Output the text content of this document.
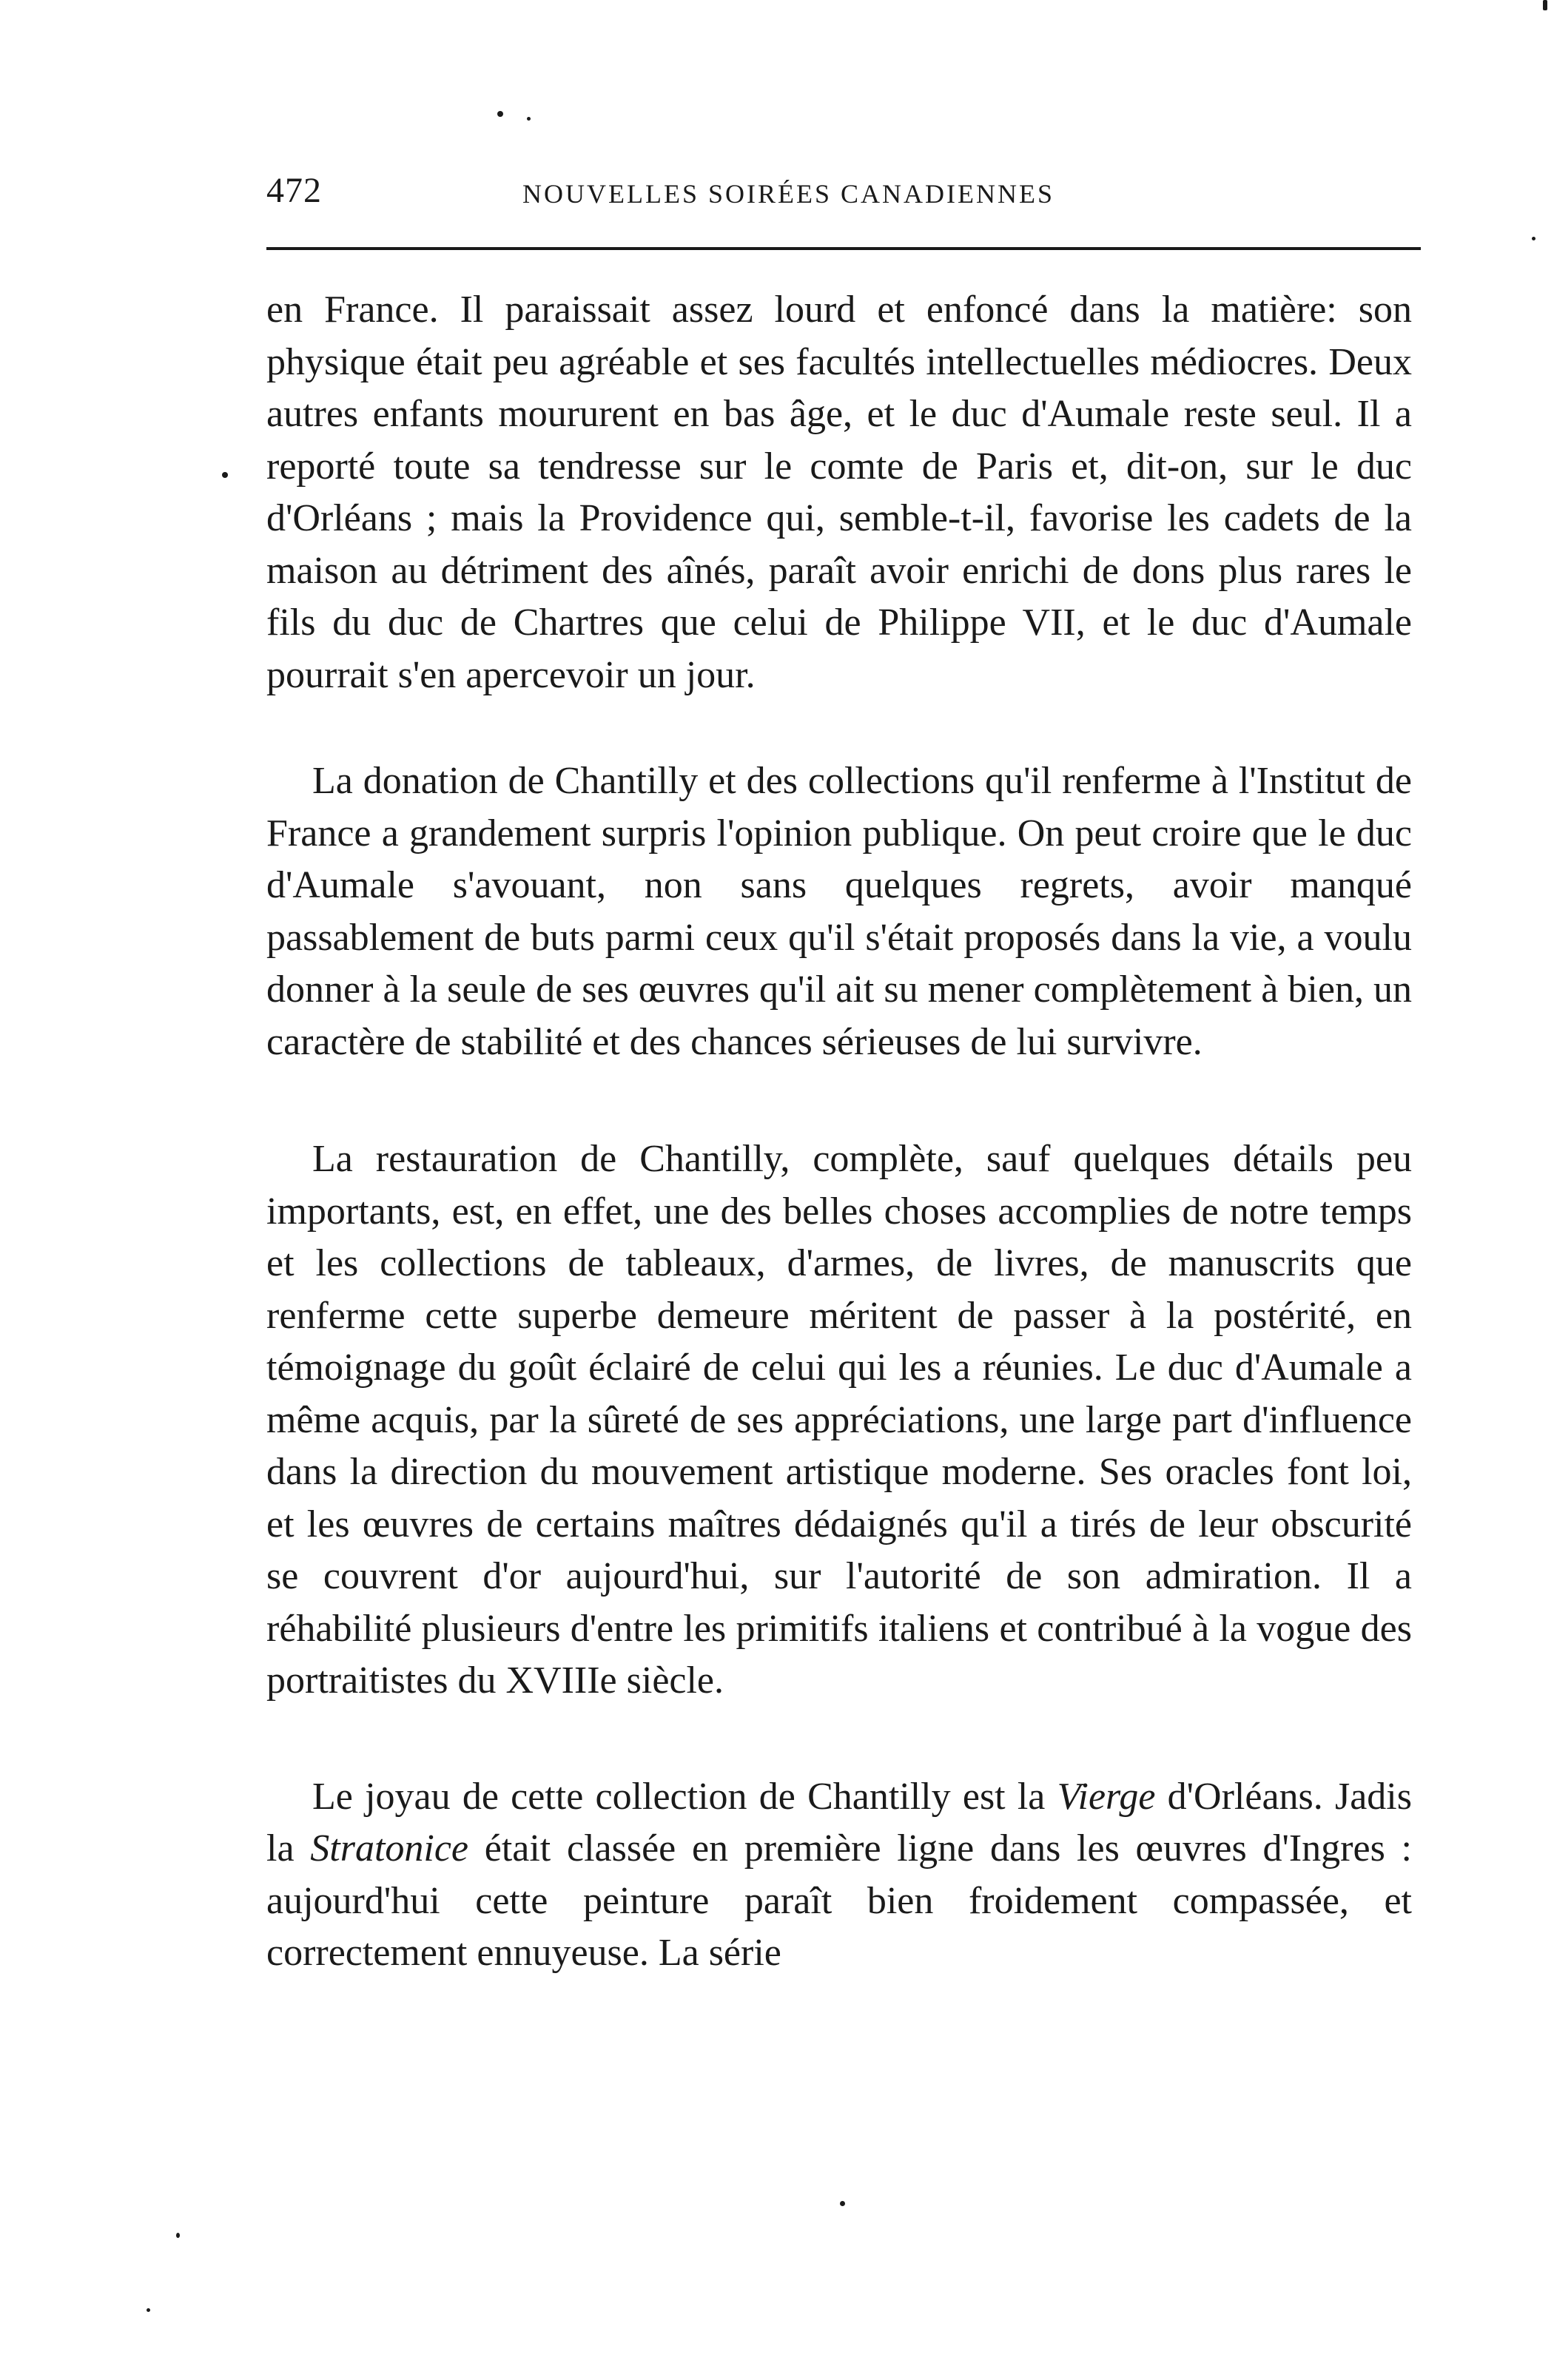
472	NOUVELLES SOIRÉES CANADIENNES

en France. Il paraissait assez lourd et enfoncé dans la matière: son physique était peu agréable et ses facultés intellectuelles médiocres. Deux autres enfants moururent en bas âge, et le duc d'Aumale reste seul. Il a reporté toute sa tendresse sur le comte de Paris et, dit-on, sur le duc d'Orléans ; mais la Providence qui, semble-t-il, favorise les cadets de la maison au détriment des aînés, paraît avoir enrichi de dons plus rares le fils du duc de Chartres que celui de Philippe VII, et le duc d'Aumale pourrait s'en apercevoir un jour.

La donation de Chantilly et des collections qu'il renferme à l'Institut de France a grandement surpris l'opinion publique. On peut croire que le duc d'Aumale s'avouant, non sans quelques regrets, avoir manqué passablement de buts parmi ceux qu'il s'était proposés dans la vie, a voulu donner à la seule de ses œuvres qu'il ait su mener complètement à bien, un caractère de stabilité et des chances sérieuses de lui survivre.

La restauration de Chantilly, complète, sauf quelques détails peu importants, est, en effet, une des belles choses accomplies de notre temps et les collections de tableaux, d'armes, de livres, de manuscrits que renferme cette superbe demeure méritent de passer à la postérité, en témoignage du goût éclairé de celui qui les a réunies. Le duc d'Aumale a même acquis, par la sûreté de ses appréciations, une large part d'influence dans la direction du mouvement artistique moderne. Ses oracles font loi, et les œuvres de certains maîtres dédaignés qu'il a tirés de leur obscurité se couvrent d'or aujourd'hui, sur l'autorité de son admiration. Il a réhabilité plusieurs d'entre les primitifs italiens et contribué à la vogue des portraitistes du XVIIIe siècle.

Le joyau de cette collection de Chantilly est la Vierge d'Orléans. Jadis la Stratonice était classée en première ligne dans les œuvres d'Ingres : aujourd'hui cette peinture paraît bien froidement compassée, et correctement ennuyeuse. La série
